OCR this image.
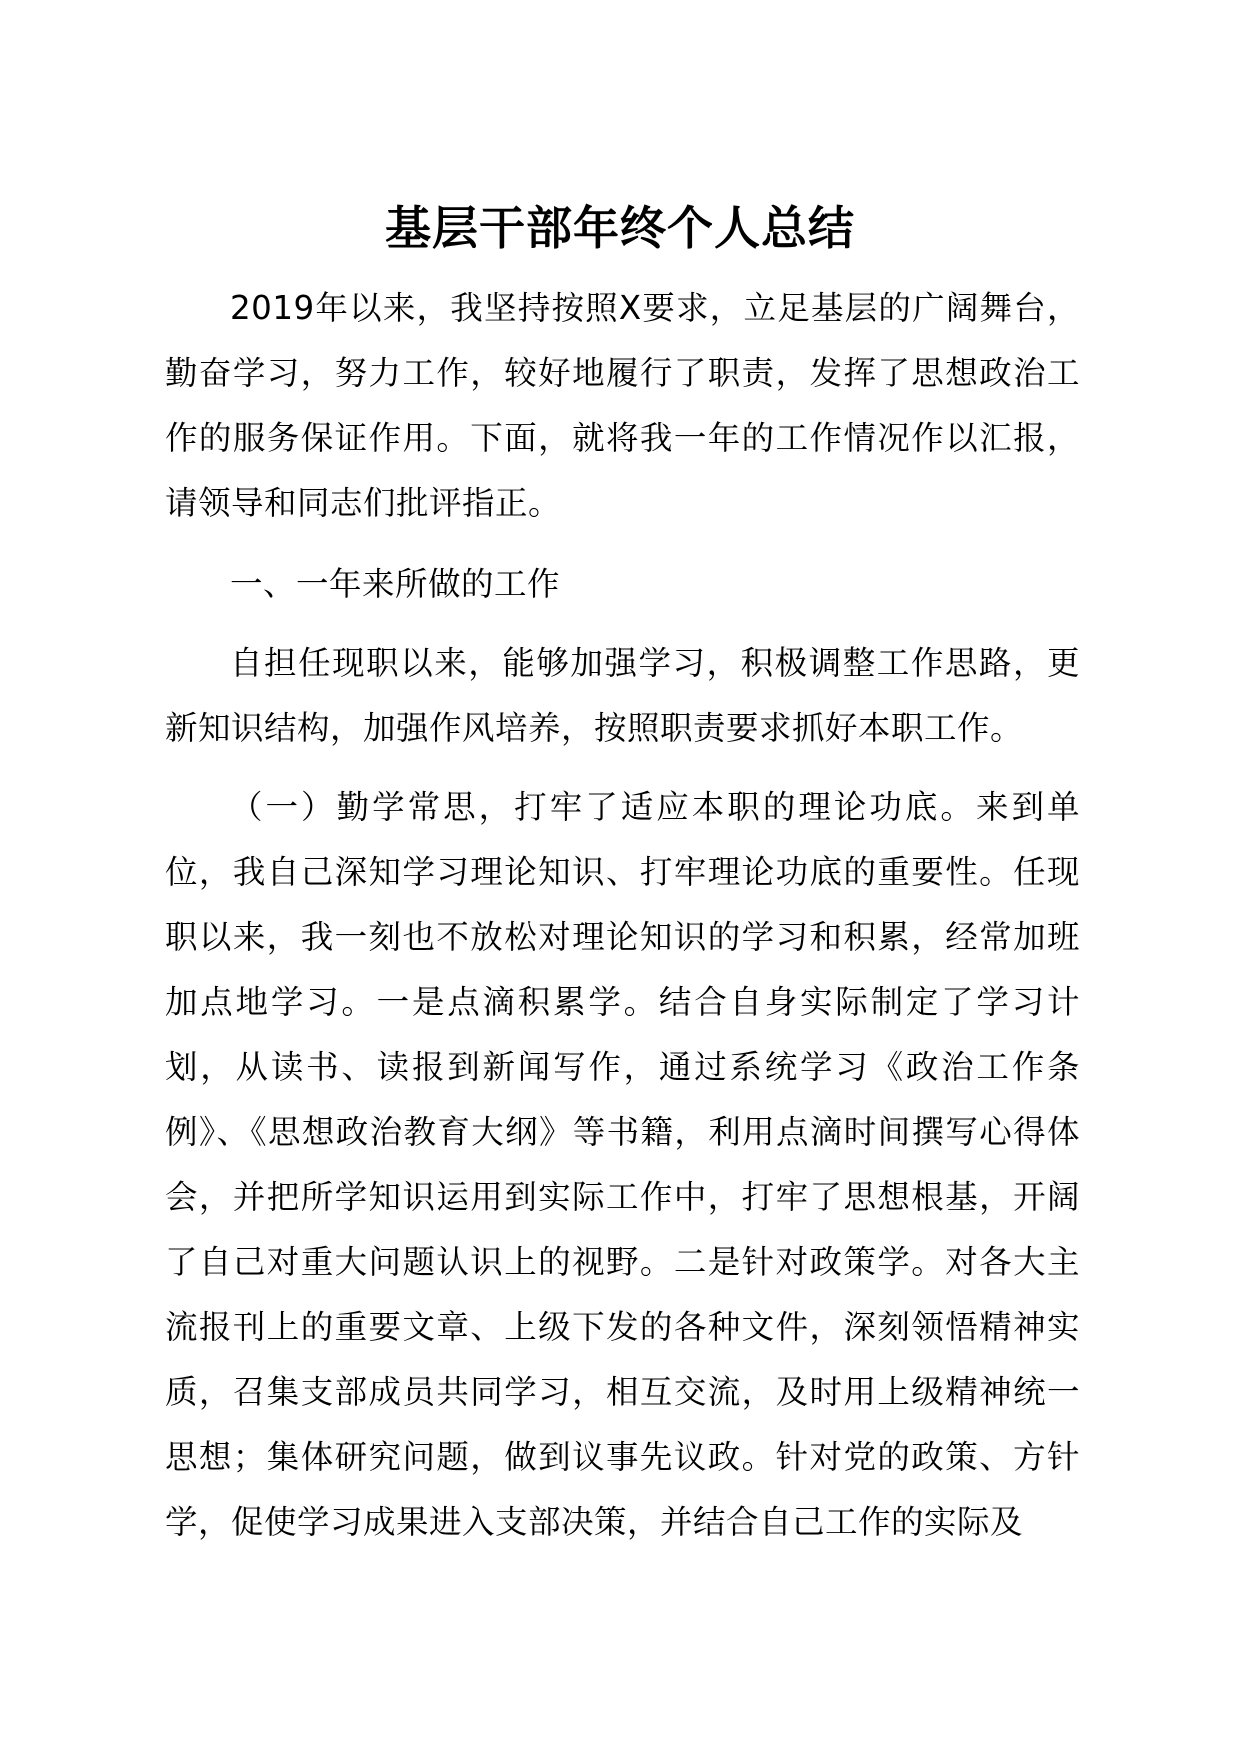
基层干部年终个人总结

2019年以来，我坚持按照X要求，立足基层的广阔舞台，勤奋学习，努力工作，较好地履行了职责，发挥了思想政治工作的服务保证作用。下面，就将我一年的工作情况作以汇报，请领导和同志们批评指正。

一、一年来所做的工作

自担任现职以来，能够加强学习，积极调整工作思路，更新知识结构，加强作风培养，按照职责要求抓好本职工作。

（一）勤学常思，打牢了适应本职的理论功底。来到单位，我自己深知学习理论知识、打牢理论功底的重要性。任现职以来，我一刻也不放松对理论知识的学习和积累，经常加班加点地学习。一是点滴积累学。结合自身实际制定了学习计划，从读书、读报到新闻写作，通过系统学习《政治工作条例》、《思想政治教育大纲》等书籍，利用点滴时间撰写心得体会，并把所学知识运用到实际工作中，打牢了思想根基，开阔了自己对重大问题认识上的视野。二是针对政策学。对各大主流报刊上的重要文章、上级下发的各种文件，深刻领悟精神实质，召集支部成员共同学习，相互交流，及时用上级精神统一思想；集体研究问题，做到议事先议政。针对党的政策、方针学，促使学习成果进入支部决策，并结合自己工作的实际及
